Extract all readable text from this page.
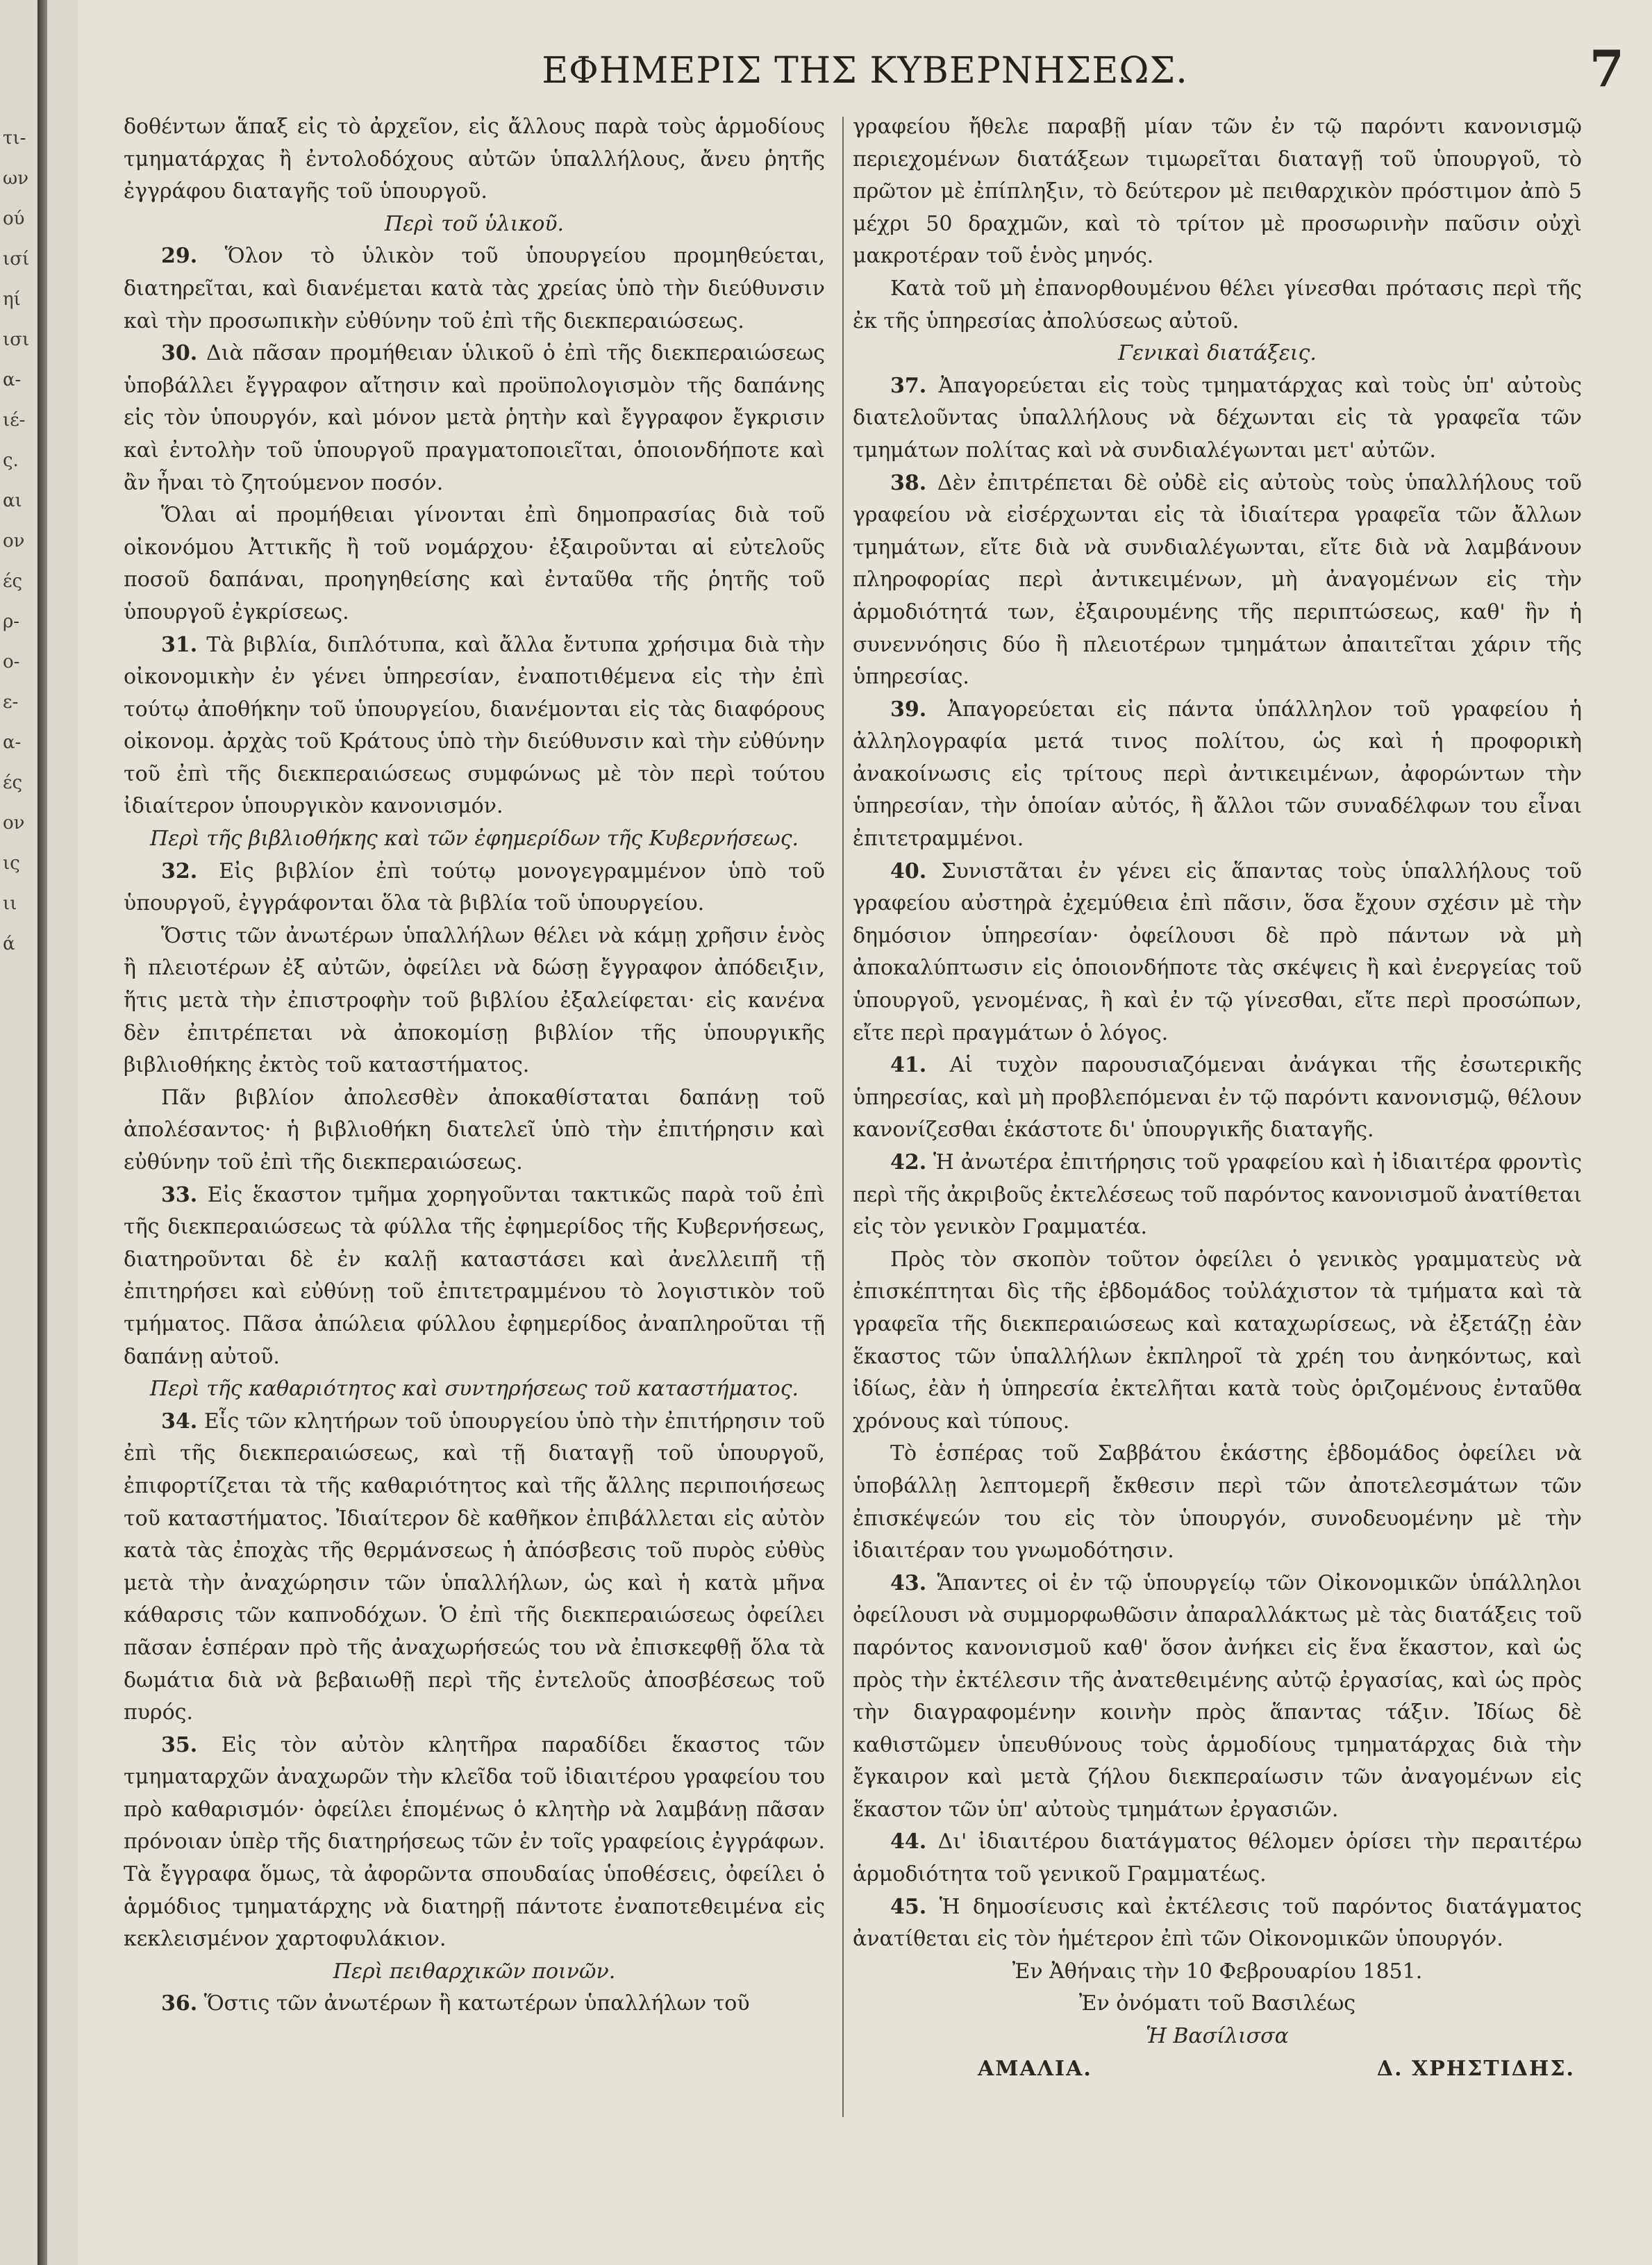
τι-
ων
ού
ισί
ηί
ισι
α-
ιέ-
ς.
αι
ον
ές
ρ-
ο-
ε-
α-
ές
ον
ις
ιι
ά
ΕΦΗΜΕΡΙΣ ΤΗΣ ΚΥΒΕΡΝΗΣΕΩΣ.	7

δοθέντων ἅπαξ εἰς τὸ ἀρχεῖον, εἰς ἄλλους παρὰ τοὺς ἁρμοδίους τμηματάρχας ἢ ἐντολοδόχους αὐτῶν ὑπαλλήλους, ἄνευ ῥητῆς ἐγγράφου διαταγῆς τοῦ ὑπουργοῦ.

Περὶ τοῦ ὑλικοῦ.

29. Ὅλον τὸ ὑλικὸν τοῦ ὑπουργείου προμηθεύεται, διατηρεῖται, καὶ διανέμεται κατὰ τὰς χρείας ὑπὸ τὴν διεύθυνσιν καὶ τὴν προσωπικὴν εὐθύνην τοῦ ἐπὶ τῆς διεκπεραιώσεως.

30. Διὰ πᾶσαν προμήθειαν ὑλικοῦ ὁ ἐπὶ τῆς διεκπεραιώσεως ὑποβάλλει ἔγγραφον αἴτησιν καὶ προϋπολογισμὸν τῆς δαπάνης εἰς τὸν ὑπουργόν, καὶ μόνον μετὰ ῥητὴν καὶ ἔγγραφον ἔγκρισιν καὶ ἐντολὴν τοῦ ὑπουργοῦ πραγματοποιεῖται, ὁποιονδήποτε καὶ ἂν ἦναι τὸ ζητούμενον ποσόν.

Ὅλαι αἱ προμήθειαι γίνονται ἐπὶ δημοπρασίας διὰ τοῦ οἰκονόμου Ἀττικῆς ἢ τοῦ νομάρχου· ἐξαιροῦνται αἱ εὐτελοῦς ποσοῦ δαπάναι, προηγηθείσης καὶ ἐνταῦθα τῆς ῥητῆς τοῦ ὑπουργοῦ ἐγκρίσεως.

31. Τὰ βιβλία, διπλότυπα, καὶ ἄλλα ἔντυπα χρήσιμα διὰ τὴν οἰκονομικὴν ἐν γένει ὑπηρεσίαν, ἐναποτιθέμενα εἰς τὴν ἐπὶ τούτῳ ἀποθήκην τοῦ ὑπουργείου, διανέμονται εἰς τὰς διαφόρους οἰκονομ. ἀρχὰς τοῦ Κράτους ὑπὸ τὴν διεύθυνσιν καὶ τὴν εὐθύνην τοῦ ἐπὶ τῆς διεκπεραιώσεως συμφώνως μὲ τὸν περὶ τούτου ἰδιαίτερον ὑπουργικὸν κανονισμόν.

Περὶ τῆς βιβλιοθήκης καὶ τῶν ἐφημερίδων τῆς Κυβερνήσεως.

32. Εἰς βιβλίον ἐπὶ τούτῳ μονογεγραμμένον ὑπὸ τοῦ ὑπουργοῦ, ἐγγράφονται ὅλα τὰ βιβλία τοῦ ὑπουργείου.

Ὅστις τῶν ἀνωτέρων ὑπαλλήλων θέλει νὰ κάμῃ χρῆσιν ἑνὸς ἢ πλειοτέρων ἐξ αὐτῶν, ὀφείλει νὰ δώσῃ ἔγγραφον ἀπόδειξιν, ἥτις μετὰ τὴν ἐπιστροφὴν τοῦ βιβλίου ἐξαλείφεται· εἰς κανένα δὲν ἐπιτρέπεται νὰ ἀποκομίσῃ βιβλίον τῆς ὑπουργικῆς βιβλιοθήκης ἐκτὸς τοῦ καταστήματος.

Πᾶν βιβλίον ἀπολεσθὲν ἀποκαθίσταται δαπάνῃ τοῦ ἀπολέσαντος· ἡ βιβλιοθήκη διατελεῖ ὑπὸ τὴν ἐπιτήρησιν καὶ εὐθύνην τοῦ ἐπὶ τῆς διεκπεραιώσεως.

33. Εἰς ἕκαστον τμῆμα χορηγοῦνται τακτικῶς παρὰ τοῦ ἐπὶ τῆς διεκπεραιώσεως τὰ φύλλα τῆς ἐφημερίδος τῆς Κυβερνήσεως, διατηροῦνται δὲ ἐν καλῇ καταστάσει καὶ ἀνελλειπῆ τῇ ἐπιτηρήσει καὶ εὐθύνῃ τοῦ ἐπιτετραμμένου τὸ λογιστικὸν τοῦ τμήματος. Πᾶσα ἀπώλεια φύλλου ἐφημερίδος ἀναπληροῦται τῇ δαπάνῃ αὐτοῦ.

Περὶ τῆς καθαριότητος καὶ συντηρήσεως τοῦ καταστήματος.

34. Εἷς τῶν κλητήρων τοῦ ὑπουργείου ὑπὸ τὴν ἐπιτήρησιν τοῦ ἐπὶ τῆς διεκπεραιώσεως, καὶ τῇ διαταγῇ τοῦ ὑπουργοῦ, ἐπιφορτίζεται τὰ τῆς καθαριότητος καὶ τῆς ἄλλης περιποιήσεως τοῦ καταστήματος. Ἰδιαίτερον δὲ καθῆκον ἐπιβάλλεται εἰς αὐτὸν κατὰ τὰς ἐποχὰς τῆς θερμάνσεως ἡ ἀπόσβεσις τοῦ πυρὸς εὐθὺς μετὰ τὴν ἀναχώρησιν τῶν ὑπαλλήλων, ὡς καὶ ἡ κατὰ μῆνα κάθαρσις τῶν καπνοδόχων. Ὁ ἐπὶ τῆς διεκπεραιώσεως ὀφείλει πᾶσαν ἑσπέραν πρὸ τῆς ἀναχωρήσεώς του νὰ ἐπισκεφθῇ ὅλα τὰ δωμάτια διὰ νὰ βεβαιωθῇ περὶ τῆς ἐντελοῦς ἀποσβέσεως τοῦ πυρός.

35. Εἰς τὸν αὐτὸν κλητῆρα παραδίδει ἕκαστος τῶν τμηματαρχῶν ἀναχωρῶν τὴν κλεῖδα τοῦ ἰδιαιτέρου γραφείου του πρὸ καθαρισμόν· ὀφείλει ἑπομένως ὁ κλητὴρ νὰ λαμβάνῃ πᾶσαν πρόνοιαν ὑπὲρ τῆς διατηρήσεως τῶν ἐν τοῖς γραφείοις ἐγγράφων. Τὰ ἔγγραφα ὅμως, τὰ ἀφορῶντα σπουδαίας ὑποθέσεις, ὀφείλει ὁ ἁρμόδιος τμηματάρχης νὰ διατηρῇ πάντοτε ἐναποτεθειμένα εἰς κεκλεισμένον χαρτοφυλάκιον.

Περὶ πειθαρχικῶν ποινῶν.

36. Ὅστις τῶν ἀνωτέρων ἢ κατωτέρων ὑπαλλήλων τοῦ

γραφείου ἤθελε παραβῇ μίαν τῶν ἐν τῷ παρόντι κανονισμῷ περιεχομένων διατάξεων τιμωρεῖται διαταγῇ τοῦ ὑπουργοῦ, τὸ πρῶτον μὲ ἐπίπληξιν, τὸ δεύτερον μὲ πειθαρχικὸν πρόστιμον ἀπὸ 5 μέχρι 50 δραχμῶν, καὶ τὸ τρίτον μὲ προσωρινὴν παῦσιν οὐχὶ μακροτέραν τοῦ ἑνὸς μηνός.

Κατὰ τοῦ μὴ ἐπανορθουμένου θέλει γίνεσθαι πρότασις περὶ τῆς ἐκ τῆς ὑπηρεσίας ἀπολύσεως αὐτοῦ.

Γενικαὶ διατάξεις.

37. Ἀπαγορεύεται εἰς τοὺς τμηματάρχας καὶ τοὺς ὑπ' αὐτοὺς διατελοῦντας ὑπαλλήλους νὰ δέχωνται εἰς τὰ γραφεῖα τῶν τμημάτων πολίτας καὶ νὰ συνδιαλέγωνται μετ' αὐτῶν.

38. Δὲν ἐπιτρέπεται δὲ οὐδὲ εἰς αὐτοὺς τοὺς ὑπαλλήλους τοῦ γραφείου νὰ εἰσέρχωνται εἰς τὰ ἰδιαίτερα γραφεῖα τῶν ἄλλων τμημάτων, εἴτε διὰ νὰ συνδιαλέγωνται, εἴτε διὰ νὰ λαμβάνουν πληροφορίας περὶ ἀντικειμένων, μὴ ἀναγομένων εἰς τὴν ἁρμοδιότητά των, ἐξαιρουμένης τῆς περιπτώσεως, καθ' ἣν ἡ συνεννόησις δύο ἢ πλειοτέρων τμημάτων ἀπαιτεῖται χάριν τῆς ὑπηρεσίας.

39. Ἀπαγορεύεται εἰς πάντα ὑπάλληλον τοῦ γραφείου ἡ ἀλληλογραφία μετά τινος πολίτου, ὡς καὶ ἡ προφορικὴ ἀνακοίνωσις εἰς τρίτους περὶ ἀντικειμένων, ἀφορώντων τὴν ὑπηρεσίαν, τὴν ὁποίαν αὐτός, ἢ ἄλλοι τῶν συναδέλφων του εἶναι ἐπιτετραμμένοι.

40. Συνιστᾶται ἐν γένει εἰς ἅπαντας τοὺς ὑπαλλήλους τοῦ γραφείου αὐστηρὰ ἐχεμύθεια ἐπὶ πᾶσιν, ὅσα ἔχουν σχέσιν μὲ τὴν δημόσιον ὑπηρεσίαν· ὀφείλουσι δὲ πρὸ πάντων νὰ μὴ ἀποκαλύπτωσιν εἰς ὁποιονδήποτε τὰς σκέψεις ἢ καὶ ἐνεργείας τοῦ ὑπουργοῦ, γενομένας, ἢ καὶ ἐν τῷ γίνεσθαι, εἴτε περὶ προσώπων, εἴτε περὶ πραγμάτων ὁ λόγος.

41. Αἱ τυχὸν παρουσιαζόμεναι ἀνάγκαι τῆς ἐσωτερικῆς ὑπηρεσίας, καὶ μὴ προβλεπόμεναι ἐν τῷ παρόντι κανονισμῷ, θέλουν κανονίζεσθαι ἑκάστοτε δι' ὑπουργικῆς διαταγῆς.

42. Ἡ ἀνωτέρα ἐπιτήρησις τοῦ γραφείου καὶ ἡ ἰδιαιτέρα φροντὶς περὶ τῆς ἀκριβοῦς ἐκτελέσεως τοῦ παρόντος κανονισμοῦ ἀνατίθεται εἰς τὸν γενικὸν Γραμματέα.

Πρὸς τὸν σκοπὸν τοῦτον ὀφείλει ὁ γενικὸς γραμματεὺς νὰ ἐπισκέπτηται δὶς τῆς ἑβδομάδος τοὐλάχιστον τὰ τμήματα καὶ τὰ γραφεῖα τῆς διεκπεραιώσεως καὶ καταχωρίσεως, νὰ ἐξετάζῃ ἐὰν ἕκαστος τῶν ὑπαλλήλων ἐκπληροῖ τὰ χρέη του ἀνηκόντως, καὶ ἰδίως, ἐὰν ἡ ὑπηρεσία ἐκτελῆται κατὰ τοὺς ὁριζομένους ἐνταῦθα χρόνους καὶ τύπους.

Τὸ ἑσπέρας τοῦ Σαββάτου ἑκάστης ἑβδομάδος ὀφείλει νὰ ὑποβάλλῃ λεπτομερῆ ἔκθεσιν περὶ τῶν ἀποτελεσμάτων τῶν ἐπισκέψεών του εἰς τὸν ὑπουργόν, συνοδευομένην μὲ τὴν ἰδιαιτέραν του γνωμοδότησιν.

43. Ἅπαντες οἱ ἐν τῷ ὑπουργείῳ τῶν Οἰκονομικῶν ὑπάλληλοι ὀφείλουσι νὰ συμμορφωθῶσιν ἀπαραλλάκτως μὲ τὰς διατάξεις τοῦ παρόντος κανονισμοῦ καθ' ὅσον ἀνήκει εἰς ἕνα ἕκαστον, καὶ ὡς πρὸς τὴν ἐκτέλεσιν τῆς ἀνατεθειμένης αὐτῷ ἐργασίας, καὶ ὡς πρὸς τὴν διαγραφομένην κοινὴν πρὸς ἅπαντας τάξιν. Ἰδίως δὲ καθιστῶμεν ὑπευθύνους τοὺς ἁρμοδίους τμηματάρχας διὰ τὴν ἔγκαιρον καὶ μετὰ ζήλου διεκπεραίωσιν τῶν ἀναγομένων εἰς ἕκαστον τῶν ὑπ' αὐτοὺς τμημάτων ἐργασιῶν.

44. Δι' ἰδιαιτέρου διατάγματος θέλομεν ὁρίσει τὴν περαιτέρω ἁρμοδιότητα τοῦ γενικοῦ Γραμματέως.

45. Ἡ δημοσίευσις καὶ ἐκτέλεσις τοῦ παρόντος διατάγματος ἀνατίθεται εἰς τὸν ἡμέτερον ἐπὶ τῶν Οἰκονομικῶν ὑπουργόν.

Ἐν Ἀθήναις τὴν 10 Φεβρουαρίου 1851.

Ἐν ὀνόματι τοῦ Βασιλέως

Ἡ Βασίλισσα

ΑΜΑΛΙΑ.	Δ. ΧΡΗΣΤΙΔΗΣ.
